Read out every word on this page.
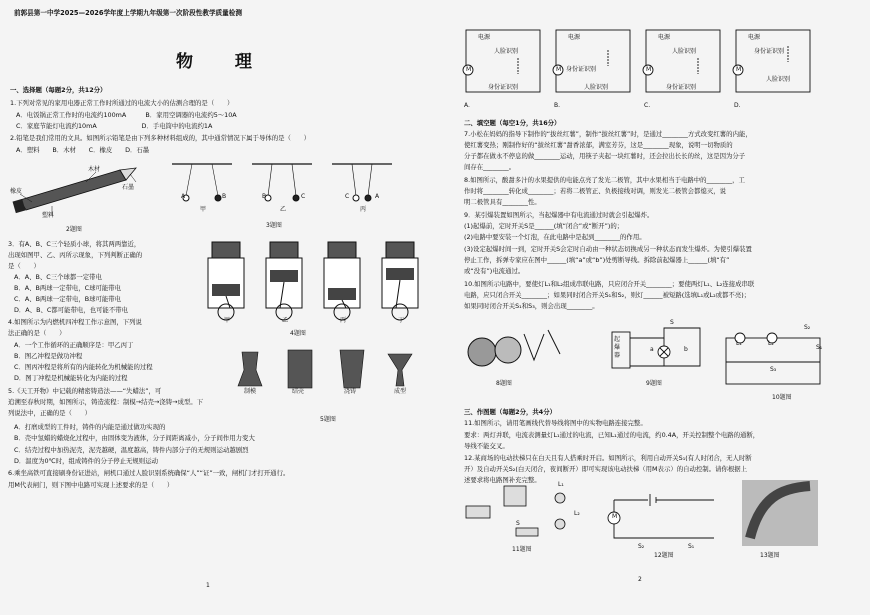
前郭县第一中学2025—2026学年度上学期九年级第一次阶段性教学质量检测
物 理
一、选择题（每题2分，共12分）
1.下列对常见的家用电器正常工作时所通过的电流大小的估测合理的是（　　）
A．电饭锅正常工作时的电流约100mA　　　B．家用空调器的电流约5～10A
C．家庭节能灯电流约10mA　　　　　　　D．手电筒中的电流约1A
2.铅笔是我们常用的文具。如图所示铅笔是由下列多种材料组成的，其中通常情况下属于导体的是（　　）
A．塑料　　B．木材　　C．橡皮　　D．石墨
木材
橡皮
石墨
塑料
2题图
A	B	B	C	C	A
甲	乙	丙
3题图
3．有A、B、C三个轻质小球，将其两两靠近，
出现如图甲、乙、丙所示现象，下列判断正确的
是（　　）
A．A、B、C三个球都一定带电
B．A、B两球一定带电，C球可能带电
C．A、B两球一定带电，B球可能带电
D．A、B、C都可能带电，也可能不带电
4.如图所示为内燃机四冲程工作示意图，下列说
法正确的是（　　）
A．一个工作循环的正确顺序是：甲乙丙丁
B．图乙冲程是做功冲程
C．图丙冲程是将所有的内能转化为机械能的过程
D．图丁冲程是机械能转化为内能的过程
甲	乙	丙	丁
4题图
制模	结壳	浇铸	成型
5题图
5.《天工开物》中记载的精密铸造法——“失蜡法”，可
追溯至春秋时期，如图所示，铸造流程：制模→结壳→浇铸→成型。下
列说法中，正确的是（　　）
A．打磨成型的工件时，铸件的内能是通过做功实现的
B．壳中氢蜡的蜡烧化过程中，由固体变为液体，分子间距离减小，分子间作用力变大
C．结壳过程中加热泥壳，泥壳越硬，温度越高，铸件内部分子的无规则运动越剧烈
D．温度为0℃时，组成铸件的分子停止无规则运动
6.乘坐高铁可直接刷身份证进站，闸机口通过人脸识别系统确保“人”“证”一致，闸机门才打开通行。
用M代表闸门，则下图中电路可实现上述要求的是（　　）
1
电源	电源	电源	电源
人脸识别
身份证识别
身份证识别
人脸识别
人脸识别
身份证识别
身份证识别
人脸识别
M	M	M	M
A.	B.	C.	D.
二、填空题（每空1分，共16分）
7.小松在妈妈的指导下制作的“拔丝红薯”，制作“拔丝红薯”时，是通过________方式改变红薯的内能，
使红薯变热；刚制作好的“拔丝红薯”甜香浓郁，满室芳芬，这是________现象，说明一切物质的
分子都在做永不停息的做________运动，用筷子夹起一块红薯时，还会拉出长长的丝，这是因为分子
间存在________。
8.如图所示，酸甜多汁的水果提供的电能点亮了发光二极管，其中水果相当于电路中的________，工
作时将________转化成________；若将二极管正、负极接线对调，则发光二极管会都熄灭，说
明二极管具有________性。
9．某引爆装置如图所示，当起爆器中有电流通过时就会引起爆炸。
(1)起爆前，定时开关S是______(填“闭合”或“断开”)的；
(2)电路中要安装一个灯泡，在此电路中是起到________的作用。
(3)设定起爆时间一到，定时开关S会定时自动由一种状态切换成另一种状态而发生爆炸。为使引爆装置
停止工作，拆弹专家应在图中______(填“a”或“b”)处剪断导线。拆除前起爆器上______(填“有”
或“没有”)电流通过。
10.如图所示电路中，要使灯L₁和L₂组成串联电路，只应闭合开关________；要使两灯L₁、L₂连接成串联
电路，应只闭合开关________；如果同时闭合开关S₁和S₂，则灯______被短路(选填L₁或L₂或都不亮)；
如果同时闭合开关S₁和S₃，则会出现________。
8题图
起爆器
S
a	b
9题图
L₁	L₂
S₂
S₁
S₃
10题图
三、作图题（每题2分，共4分）
11.如图所示，请用笔画线代替导线将图中的实物电路连接完整。
要求：两灯并联，电流表测量灯L₁通过的电流，已知L₁通过的电流，约0.4A，开关控制整个电路的通断，
导线不能交叉。
12.某商场的电动扶梯只在白天且有人搭乘时开启。如图所示，利用自动开关S₁(有人时闭合，无人时断
开）及自动开关S₂(白天闭合，夜间断开）即可实现该电动扶梯（用M表示）的自动控制。请你根据上
述要求将电路图补充完整。
L₁
L₂
S
11题图
M
S₂	S₁
12题图	13题图
2
